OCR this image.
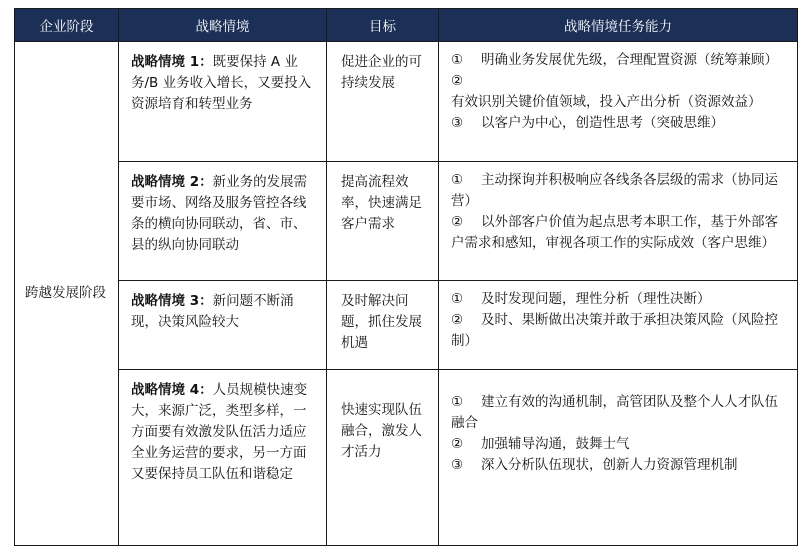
企业阶段	战略情境	目标	战略情境任务能力
跨越发展阶段	战略情境 1：既要保持 A 业务/B 业务收入增长，又要投入资源培育和转型业务	促进企业的可持续发展	① 明确业务发展优先级，合理配置资源（统筹兼顾）
②有效识别关键价值领域，投入产出分析（资源效益）
③ 以客户为中心，创造性思考（突破思维）

	战略情境 2：新业务的发展需要市场、网络及服务管控各线条的横向协同联动，省、市、县的纵向协同联动	提高流程效率，快速满足客户需求	① 主动探询并积极响应各线条各层级的需求（协同运营）
② 以外部客户价值为起点思考本职工作，基于外部客户需求和感知，审视各项工作的实际成效（客户思维）

	战略情境 3：新问题不断涌现，决策风险较大	及时解决问题，抓住发展机遇	① 及时发现问题，理性分析（理性决断）
② 及时、果断做出决策并敢于承担决策风险（风险控制）

	战略情境 4：人员规模快速变大，来源广泛，类型多样，一方面要有效激发队伍活力适应全业务运营的要求，另一方面又要保持员工队伍和谐稳定	快速实现队伍融合，激发人才活力	① 建立有效的沟通机制，高管团队及整个人人才队伍融合
② 加强辅导沟通，鼓舞士气
③ 深入分析队伍现状，创新人力资源管理机制
